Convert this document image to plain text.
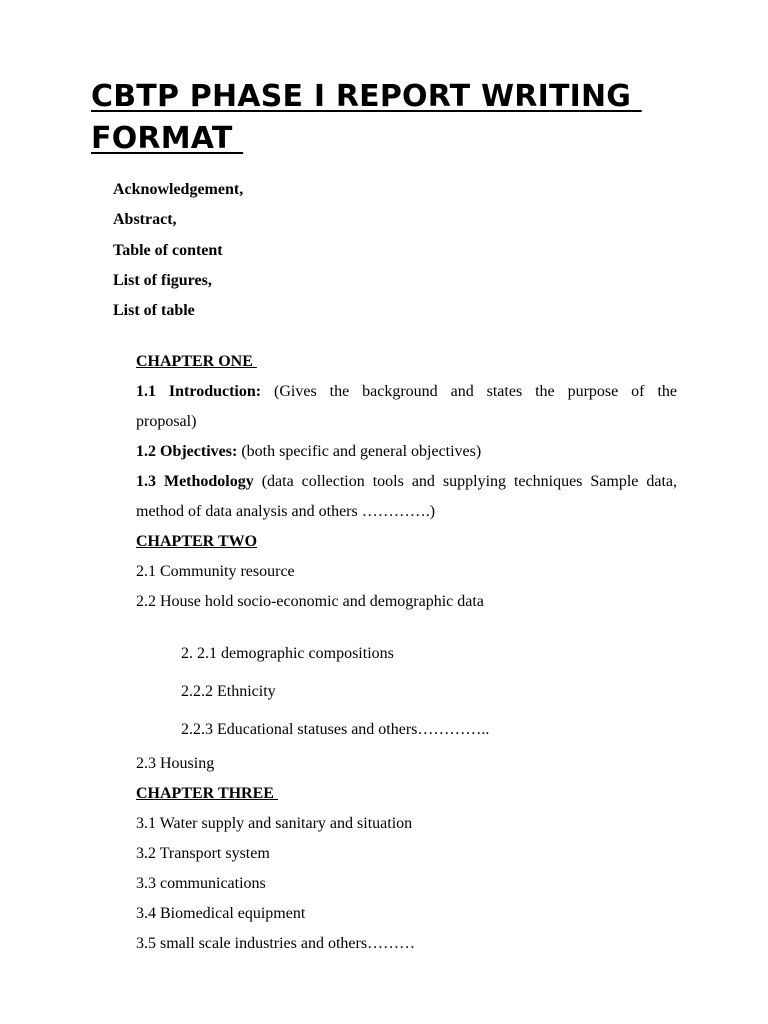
CBTP PHASE I REPORT WRITING FORMAT
Acknowledgement,
Abstract,
Table of content
List of figures,
List of table
CHAPTER ONE
1.1 Introduction: (Gives the background and states the purpose of the
proposal)
1.2 Objectives: (both specific and general objectives)
1.3 Methodology (data collection tools and supplying techniques Sample data,
method of data analysis and others ………….)
CHAPTER TWO
2.1 Community resource
2.2 House hold socio-economic and demographic data
2. 2.1 demographic compositions
2.2.2 Ethnicity
2.2.3 Educational statuses and others…………..
2.3 Housing
CHAPTER THREE
3.1 Water supply and sanitary and situation
3.2 Transport system
3.3 communications
3.4 Biomedical equipment
3.5 small scale industries and others………
